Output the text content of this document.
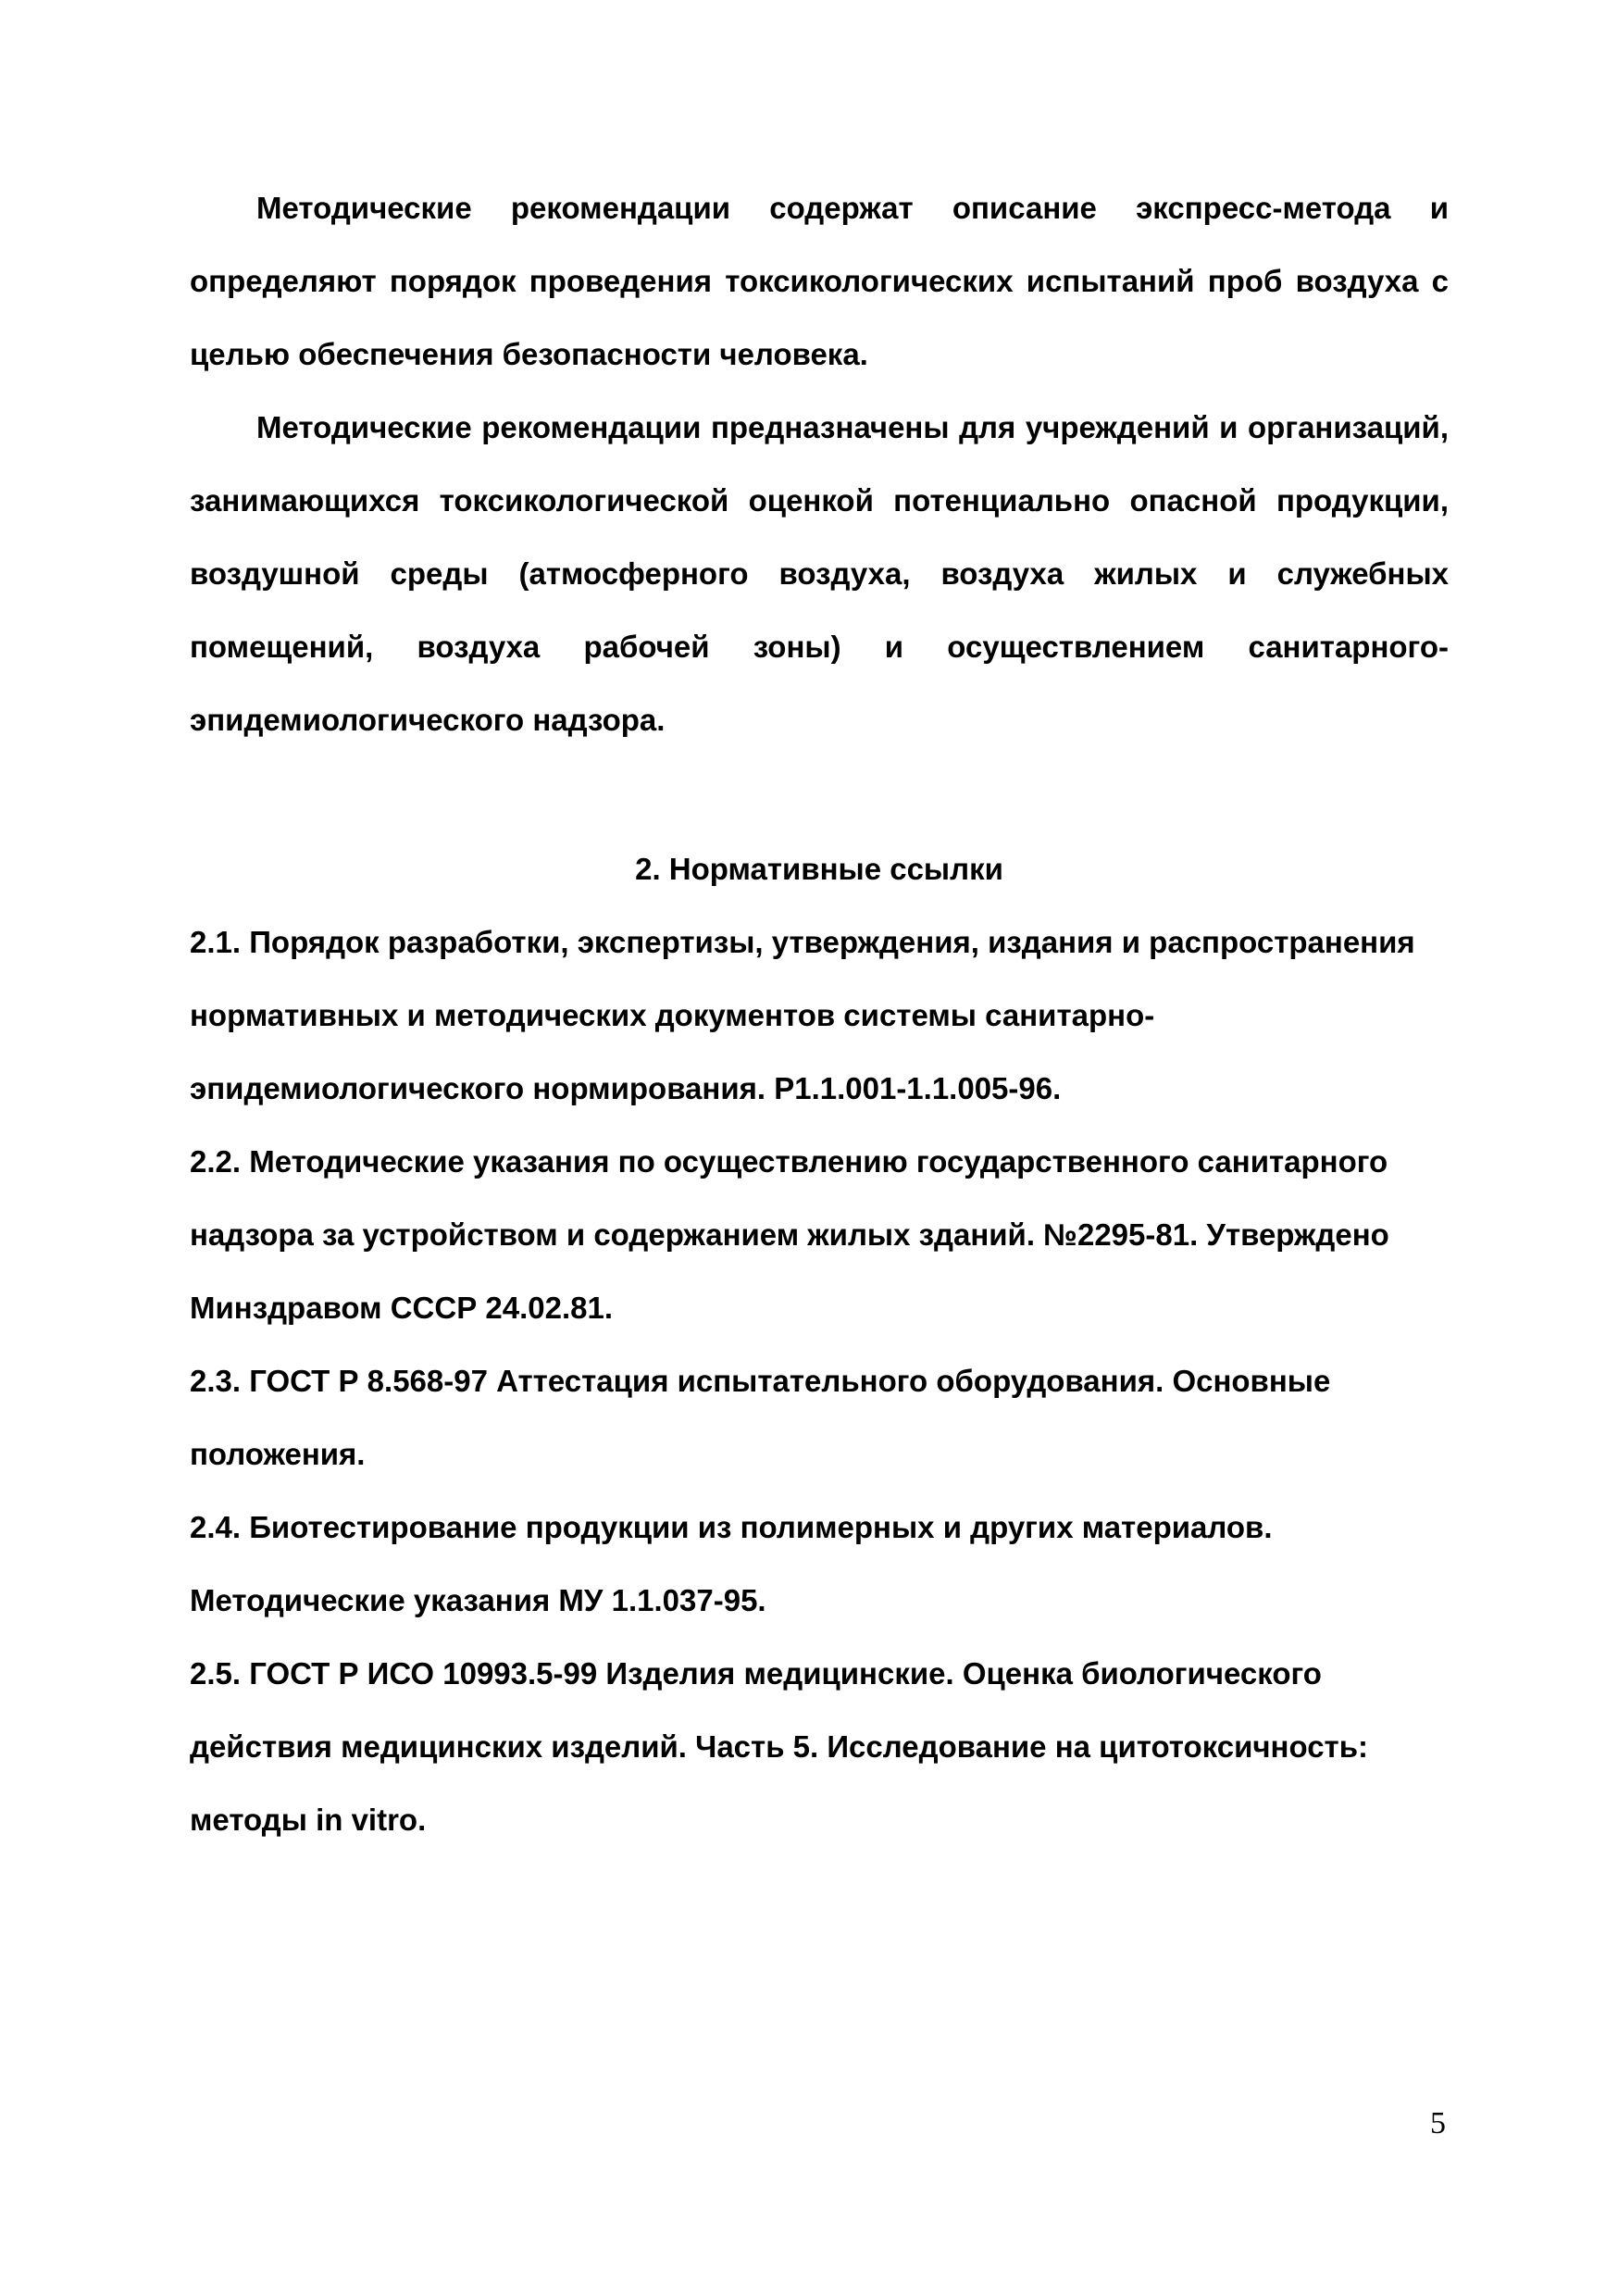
Методические рекомендации содержат описание экспресс-метода и определяют порядок проведения токсикологических испытаний проб воздуха с целью обеспечения безопасности человека.

Методические рекомендации предназначены для учреждений и организаций, занимающихся токсикологической оценкой потенциально опасной продукции, воздушной среды (атмосферного воздуха, воздуха жилых и служебных помещений, воздуха рабочей зоны) и осуществлением санитарного-эпидемиологического надзора.

2. Нормативные ссылки

2.1. Порядок разработки, экспертизы, утверждения, издания и распространения нормативных и методических документов системы санитарно-эпидемиологического нормирования. Р1.1.001-1.1.005-96.

2.2. Методические указания по осуществлению государственного санитарного надзора за устройством и содержанием жилых зданий. №2295-81. Утверждено Минздравом СССР 24.02.81.

2.3. ГОСТ Р 8.568-97 Аттестация испытательного оборудования. Основные положения.

2.4. Биотестирование продукции из полимерных и других материалов. Методические указания МУ 1.1.037-95.

2.5. ГОСТ Р ИСО 10993.5-99 Изделия медицинские. Оценка биологического действия медицинских изделий. Часть 5. Исследование на цитотоксичность: методы in vitro.

5
